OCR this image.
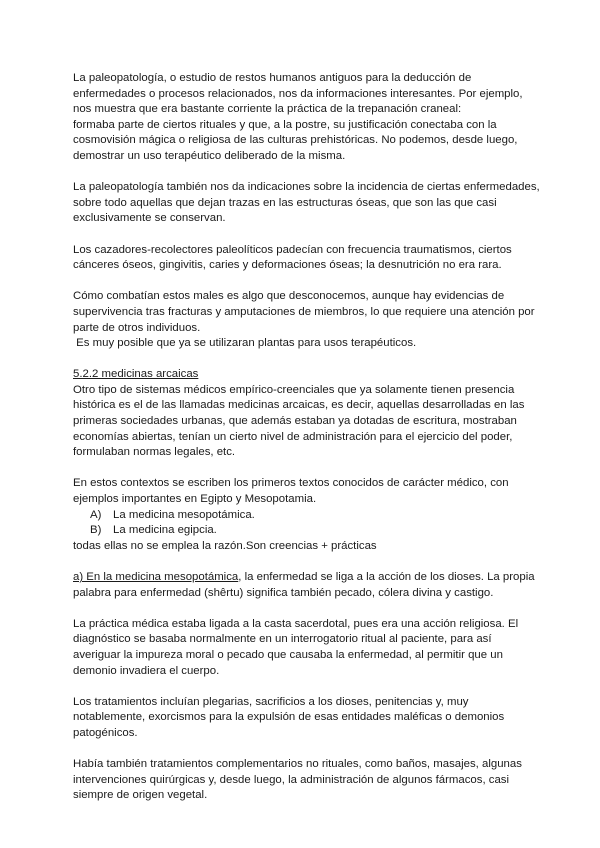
La paleopatología, o estudio de restos humanos antiguos para la deducción de
enfermedades o procesos relacionados, nos da informaciones interesantes. Por ejemplo,
nos muestra que era bastante corriente la práctica de la trepanación craneal:
formaba parte de ciertos rituales y que, a la postre, su justificación conectaba con la
cosmovisión mágica o religiosa de las culturas prehistóricas. No podemos, desde luego,
demostrar un uso terapéutico deliberado de la misma.

La paleopatología también nos da indicaciones sobre la incidencia de ciertas enfermedades,
sobre todo aquellas que dejan trazas en las estructuras óseas, que son las que casi
exclusivamente se conservan.

Los cazadores-recolectores paleolíticos padecían con frecuencia traumatismos, ciertos
cánceres óseos, gingivitis, caries y deformaciones óseas; la desnutrición no era rara.

Cómo combatían estos males es algo que desconocemos, aunque hay evidencias de
supervivencia tras fracturas y amputaciones de miembros, lo que requiere una atención por
parte de otros individuos.
Es muy posible que ya se utilizaran plantas para usos terapéuticos.

5.2.2 medicinas arcaicas
Otro tipo de sistemas médicos empírico-creenciales que ya solamente tienen presencia
histórica es el de las llamadas medicinas arcaicas, es decir, aquellas desarrolladas en las
primeras sociedades urbanas, que además estaban ya dotadas de escritura, mostraban
economías abiertas, tenían un cierto nivel de administración para el ejercicio del poder,
formulaban normas legales, etc.

En estos contextos se escriben los primeros textos conocidos de carácter médico, con
ejemplos importantes en Egipto y Mesopotamia.

A) La medicina mesopotámica.
B) La medicina egipcia.

todas ellas no se emplea la razón.Son creencias + prácticas

a) En la medicina mesopotámica, la enfermedad se liga a la acción de los dioses. La propia
palabra para enfermedad (shêrtu) significa también pecado, cólera divina y castigo.

La práctica médica estaba ligada a la casta sacerdotal, pues era una acción religiosa. El
diagnóstico se basaba normalmente en un interrogatorio ritual al paciente, para así
averiguar la impureza moral o pecado que causaba la enfermedad, al permitir que un
demonio invadiera el cuerpo.

Los tratamientos incluían plegarias, sacrificios a los dioses, penitencias y, muy
notablemente, exorcismos para la expulsión de esas entidades maléficas o demonios
patogénicos.

Había también tratamientos complementarios no rituales, como baños, masajes, algunas
intervenciones quirúrgicas y, desde luego, la administración de algunos fármacos, casi
siempre de origen vegetal.
